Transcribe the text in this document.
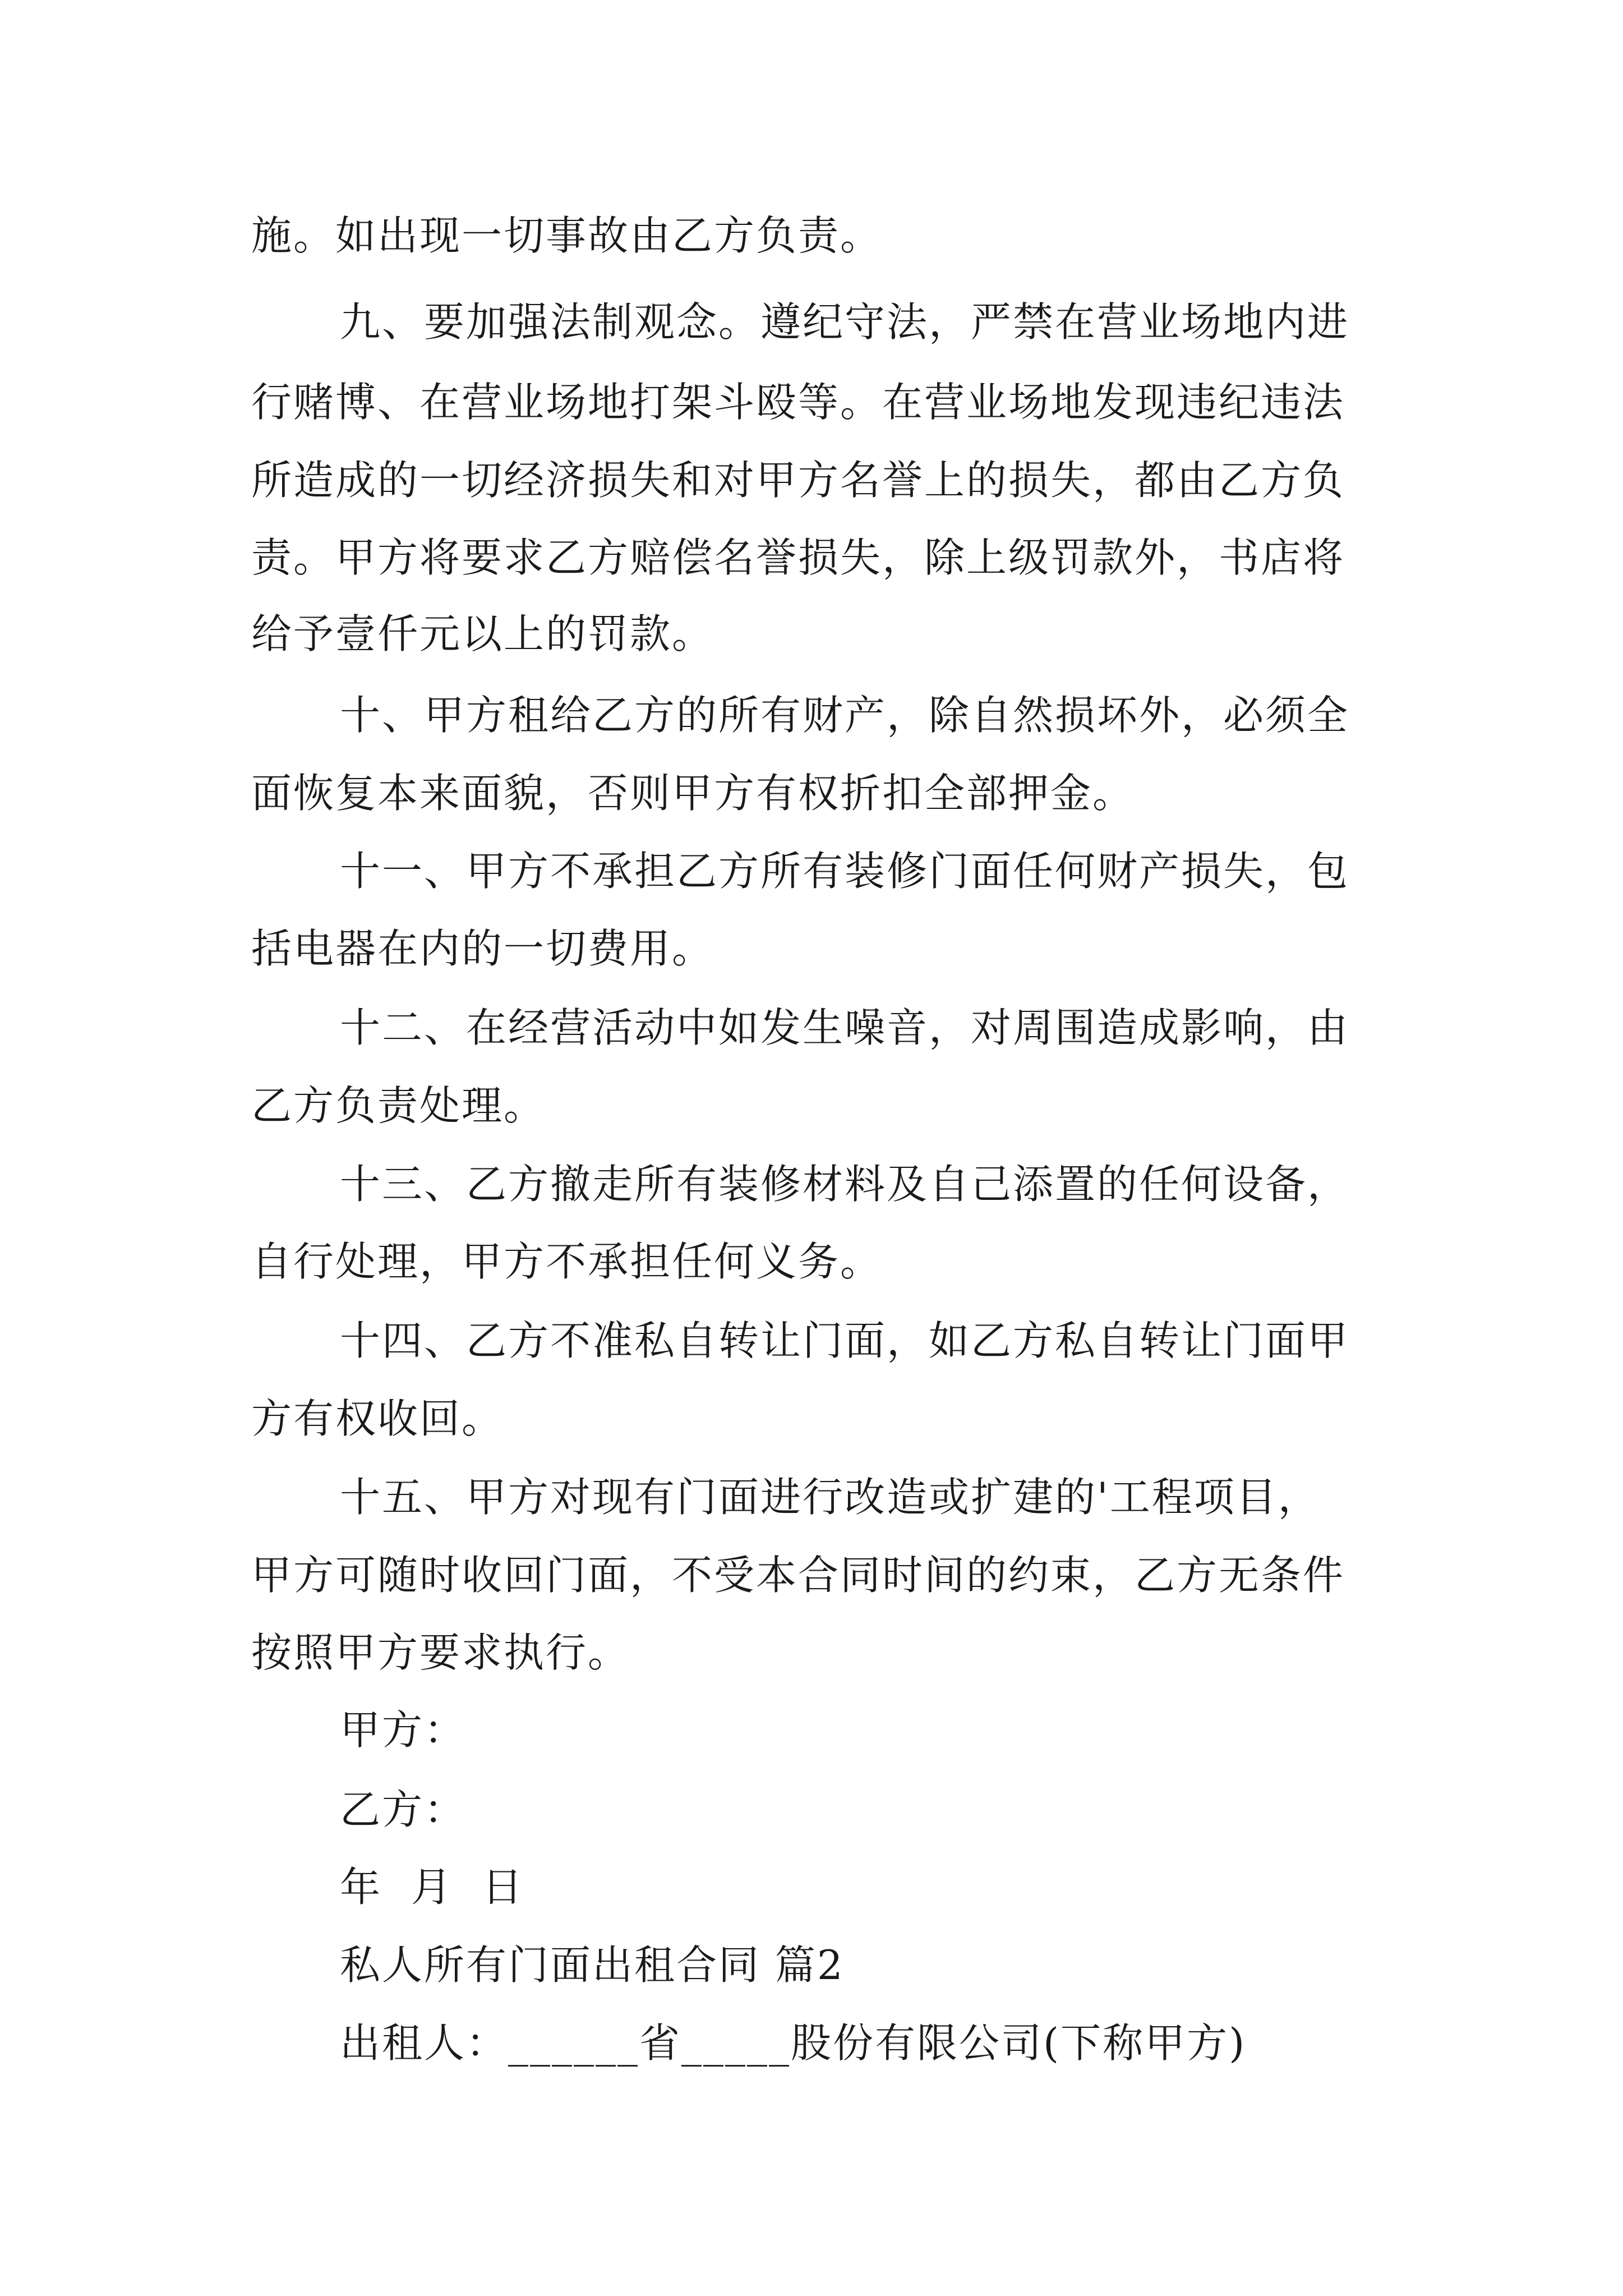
施。如出现一切事故由乙方负责。

九、要加强法制观念。遵纪守法，严禁在营业场地内进

行赌博、在营业场地打架斗殴等。在营业场地发现违纪违法

所造成的一切经济损失和对甲方名誉上的损失，都由乙方负

责。甲方将要求乙方赔偿名誉损失，除上级罚款外，书店将

给予壹仟元以上的罚款。

十、甲方租给乙方的所有财产，除自然损坏外，必须全

面恢复本来面貌，否则甲方有权折扣全部押金。

十一、甲方不承担乙方所有装修门面任何财产损失，包

括电器在内的一切费用。

十二、在经营活动中如发生噪音，对周围造成影响，由

乙方负责处理。

十三、乙方撤走所有装修材料及自己添置的任何设备，

自行处理，甲方不承担任何义务。

十四、乙方不准私自转让门面，如乙方私自转让门面甲

方有权收回。

十五、甲方对现有门面进行改造或扩建的'工程项目，

甲方可随时收回门面，不受本合同时间的约束，乙方无条件

按照甲方要求执行。

甲方：

乙方：

年  月  日

私人所有门面出租合同 篇2

出租人：______省_____股份有限公司(下称甲方)
